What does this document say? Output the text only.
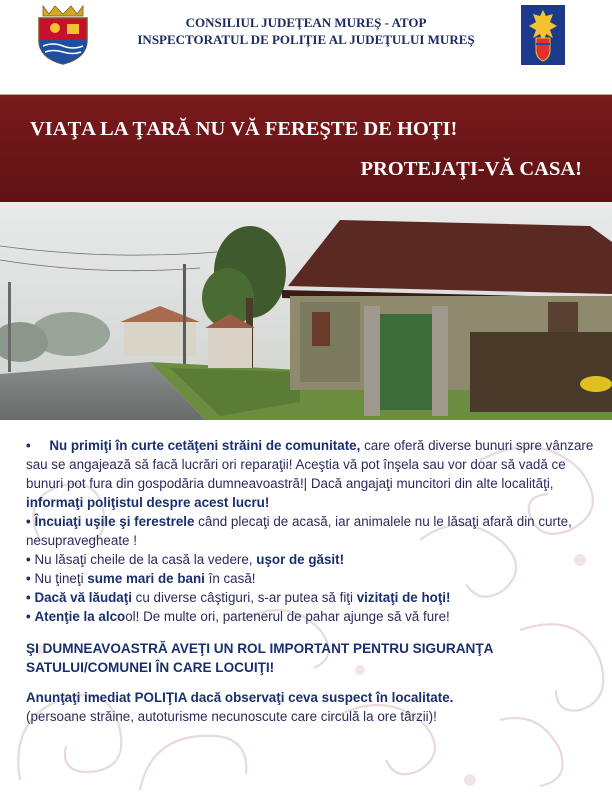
CONSILIUL JUDEŢEAN MUREŞ - ATOP
INSPECTORATUL DE POLIŢIE AL JUDEŢULUI MUREŞ
VIAŢA LA ŢARĂ NU VĂ FEREŞTE DE HOŢI!
PROTEJAŢI-VĂ CASA!

• Nu primiţi în curte cetăţeni străini de comunitate, care oferă diverse bunuri spre vânzare sau se angajează să facă lucrări ori reparaţii! Aceştia vă pot înşela sau vor doar să vadă ce bunuri pot fura din gospodăria dumneavoastră!| Dacă angajaţi muncitori din alte localităţi, informaţi poliţistul despre acest lucru!

• Încuiaţi uşile şi ferestrele când plecaţi de acasă, iar animalele nu le lăsaţi afară din curte, nesupravegheate !

• Nu lăsaţi cheile de la casă la vedere, uşor de găsit!

• Nu ţineţi sume mari de bani în casă!

• Dacă vă lăudaţi cu diverse câştiguri, s-ar putea să fiţi vizitaţi de hoţi!

• Atenţie la alcool! De multe ori, partenerul de pahar ajunge să vă fure!

ŞI DUMNEAVOASTRĂ AVEŢI UN ROL IMPORTANT PENTRU SIGURANŢA SATULUI/COMUNEI ÎN CARE LOCUIŢI!

Anunţaţi imediat POLIŢIA dacă observaţi ceva suspect în localitate.
(persoane străine, autoturisme necunoscute care circulă la ore târzii)!
